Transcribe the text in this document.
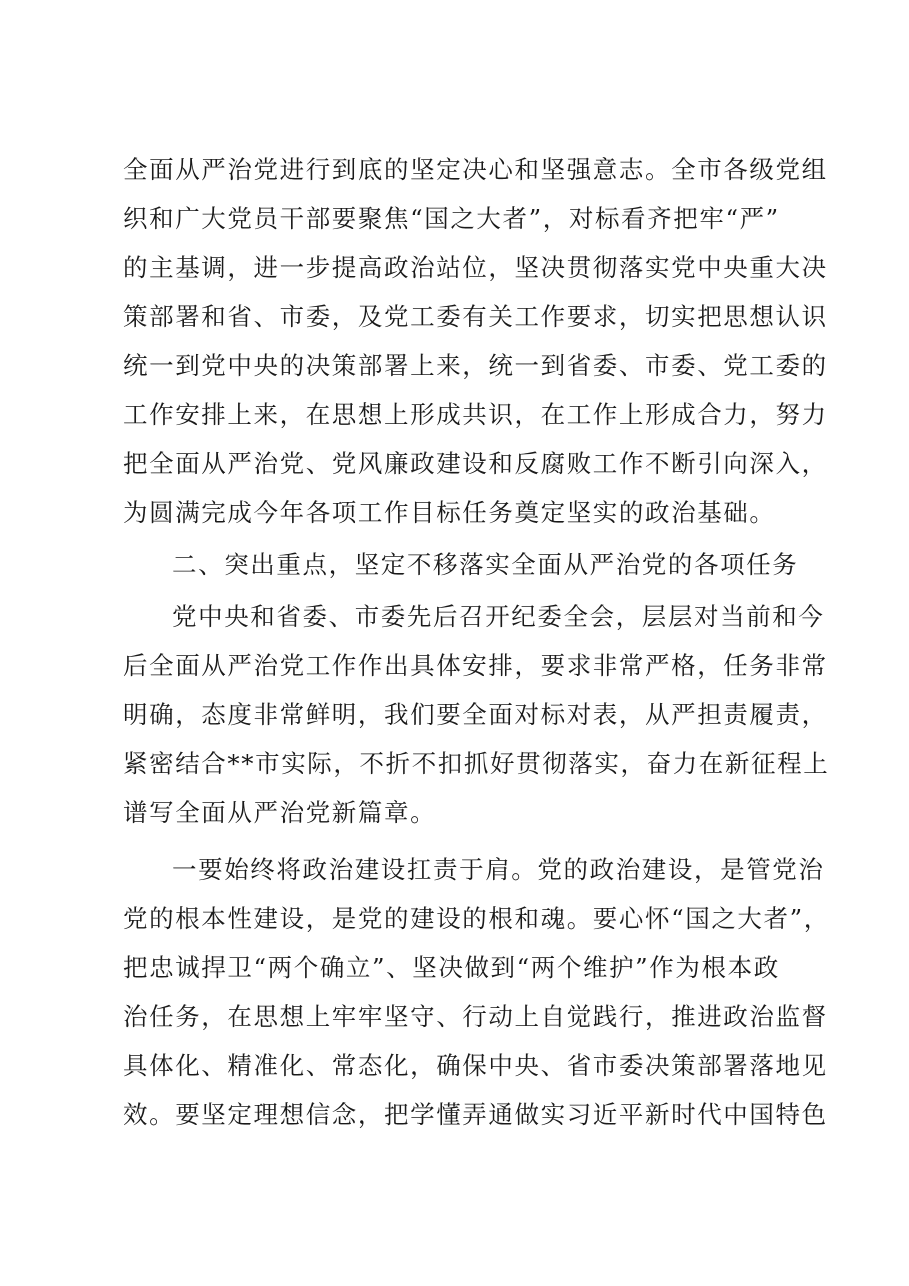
全面从严治党进行到底的坚定决心和坚强意志。全市各级党组
织和广大党员干部要聚焦“国之大者”，对标看齐把牢“严”
的主基调，进一步提高政治站位，坚决贯彻落实党中央重大决
策部署和省、市委，及党工委有关工作要求，切实把思想认识
统一到党中央的决策部署上来，统一到省委、市委、党工委的
工作安排上来，在思想上形成共识，在工作上形成合力，努力
把全面从严治党、党风廉政建设和反腐败工作不断引向深入，
为圆满完成今年各项工作目标任务奠定坚实的政治基础。
二、突出重点，坚定不移落实全面从严治党的各项任务
党中央和省委、市委先后召开纪委全会，层层对当前和今
后全面从严治党工作作出具体安排，要求非常严格，任务非常
明确，态度非常鲜明，我们要全面对标对表，从严担责履责，
紧密结合**市实际，不折不扣抓好贯彻落实，奋力在新征程上
谱写全面从严治党新篇章。
一要始终将政治建设扛责于肩。党的政治建设，是管党治
党的根本性建设，是党的建设的根和魂。要心怀“国之大者”，
把忠诚捍卫“两个确立”、坚决做到“两个维护”作为根本政
治任务，在思想上牢牢坚守、行动上自觉践行，推进政治监督
具体化、精准化、常态化，确保中央、省市委决策部署落地见
效。要坚定理想信念，把学懂弄通做实习近平新时代中国特色
